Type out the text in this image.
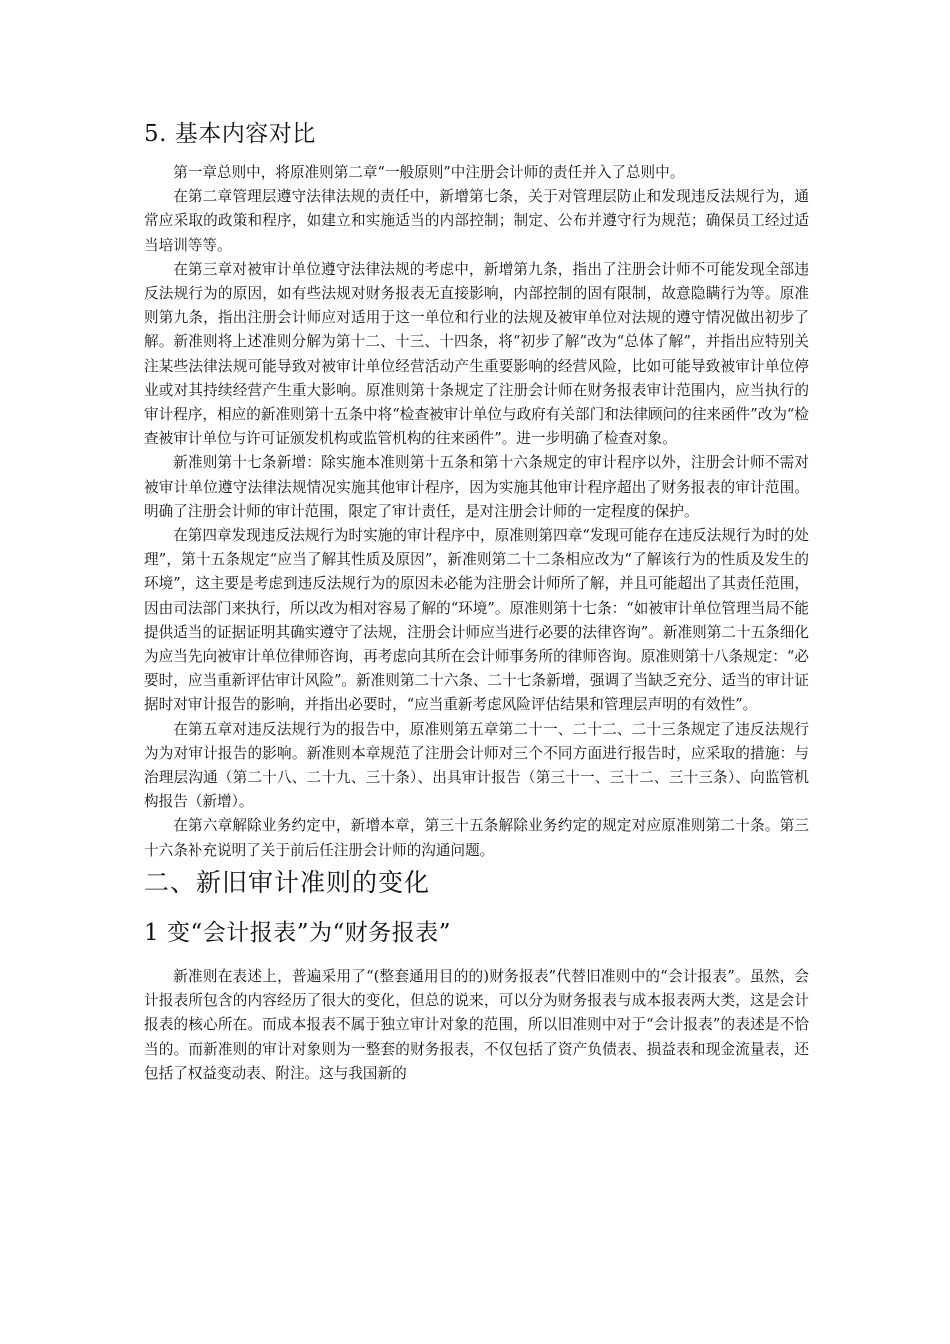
5. 基本内容对比

第一章总则中，将原准则第二章“一般原则”中注册会计师的责任并入了总则中。

在第二章管理层遵守法律法规的责任中，新增第七条，关于对管理层防止和发现违反法规行为，通常应采取的政策和程序，如建立和实施适当的内部控制；制定、公布并遵守行为规范；确保员工经过适当培训等等。

在第三章对被审计单位遵守法律法规的考虑中，新增第九条，指出了注册会计师不可能发现全部违反法规行为的原因，如有些法规对财务报表无直接影响，内部控制的固有限制，故意隐瞒行为等。原准则第九条，指出注册会计师应对适用于这一单位和行业的法规及被审单位对法规的遵守情况做出初步了解。新准则将上述准则分解为第十二、十三、十四条，将“初步了解”改为“总体了解”，并指出应特别关注某些法律法规可能导致对被审计单位经营活动产生重要影响的经营风险，比如可能导致被审计单位停业或对其持续经营产生重大影响。原准则第十条规定了注册会计师在财务报表审计范围内，应当执行的审计程序，相应的新准则第十五条中将“检查被审计单位与政府有关部门和法律顾问的往来函件”改为“检查被审计单位与许可证颁发机构或监管机构的往来函件”。进一步明确了检查对象。

新准则第十七条新增：除实施本准则第十五条和第十六条规定的审计程序以外，注册会计师不需对被审计单位遵守法律法规情况实施其他审计程序，因为实施其他审计程序超出了财务报表的审计范围。明确了注册会计师的审计范围，限定了审计责任，是对注册会计师的一定程度的保护。

在第四章发现违反法规行为时实施的审计程序中，原准则第四章“发现可能存在违反法规行为时的处理”，第十五条规定“应当了解其性质及原因”，新准则第二十二条相应改为“了解该行为的性质及发生的环境”，这主要是考虑到违反法规行为的原因未必能为注册会计师所了解，并且可能超出了其责任范围，因由司法部门来执行，所以改为相对容易了解的“环境”。原准则第十七条：“如被审计单位管理当局不能提供适当的证据证明其确实遵守了法规，注册会计师应当进行必要的法律咨询”。新准则第二十五条细化为应当先向被审计单位律师咨询，再考虑向其所在会计师事务所的律师咨询。原准则第十八条规定：“必要时，应当重新评估审计风险”。新准则第二十六条、二十七条新增，强调了当缺乏充分、适当的审计证据时对审计报告的影响，并指出必要时，“应当重新考虑风险评估结果和管理层声明的有效性”。

在第五章对违反法规行为的报告中，原准则第五章第二十一、二十二、二十三条规定了违反法规行为为对审计报告的影响。新准则本章规范了注册会计师对三个不同方面进行报告时，应采取的措施：与治理层沟通（第二十八、二十九、三十条）、出具审计报告（第三十一、三十二、三十三条）、向监管机构报告（新增）。

在第六章解除业务约定中，新增本章，第三十五条解除业务约定的规定对应原准则第二十条。第三十六条补充说明了关于前后任注册会计师的沟通问题。

二、新旧审计准则的变化
1 变“会计报表”为“财务报表”

新准则在表述上，普遍采用了“(整套通用目的的)财务报表”代替旧准则中的“会计报表”。虽然，会计报表所包含的内容经历了很大的变化，但总的说来，可以分为财务报表与成本报表两大类，这是会计报表的核心所在。而成本报表不属于独立审计对象的范围，所以旧准则中对于“会计报表”的表述是不恰当的。而新准则的审计对象则为一整套的财务报表，不仅包括了资产负债表、损益表和现金流量表，还包括了权益变动表、附注。这与我国新的
